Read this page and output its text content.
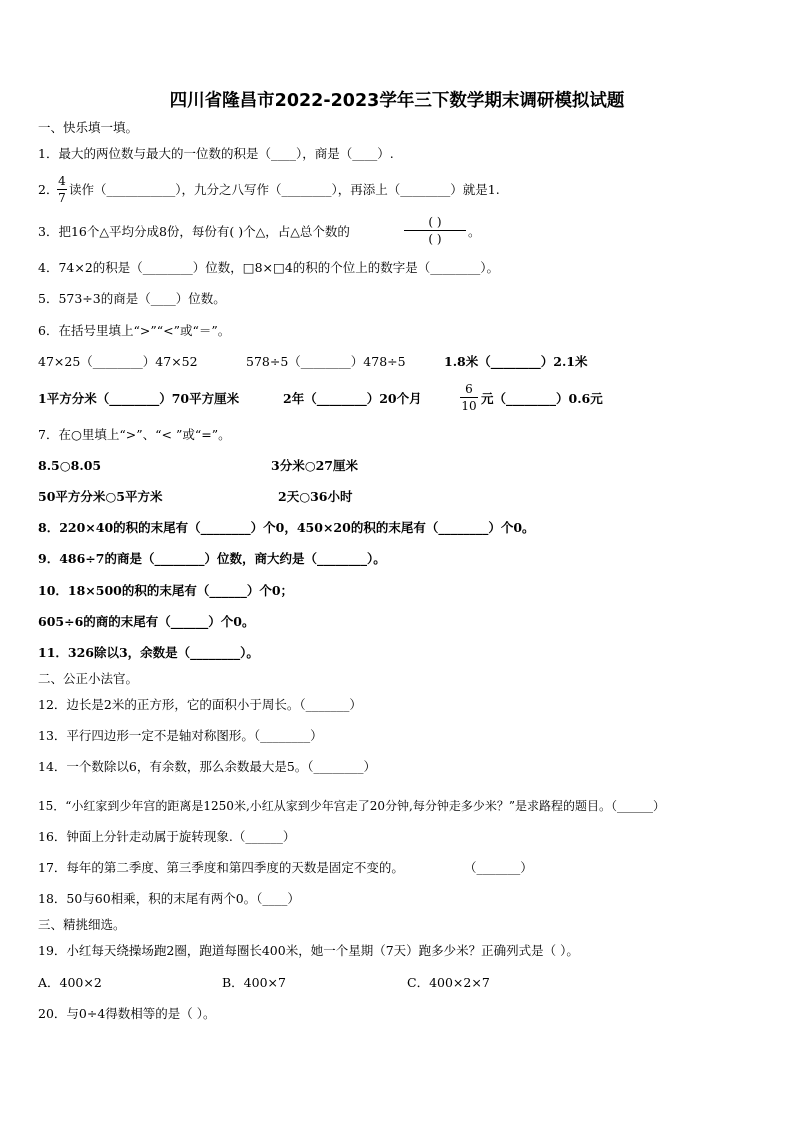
四川省隆昌市2022-2023学年三下数学期末调研模拟试题
一、快乐填一填。
1．最大的两位数与最大的一位数的积是（____），商是（____）.
2．
4
7
读作（___________），九分之八写作（________），再添上（________）就是1.
3．把16个△平均分成8份，每份有( )个△，占△总个数的
( )
( )	。
4．74×2的积是（________）位数，□8×□4的积的个位上的数字是（________）。
5．573÷3的商是（____）位数。
6．在括号里填上“>”“<”或“＝”。
47×25（________）47×52	578÷5（________）478÷5	1.8米（________）2.1米
1平方分米（________）70平方厘米	2年（________）20个月
6
10 元（________）0.6元
7．在○里填上“>”、“< ”或“=”。
8.5○8.05	3分米○27厘米
50平方分米○5平方米	2天○36小时
8．220×40的积的末尾有（________）个0，450×20的积的末尾有（________）个0。
9．486÷7的商是（________）位数，商大约是（________）。
10．18×500的积的末尾有（______）个0；
605÷6的商的末尾有（______）个0。
11．326除以3，余数是（________）。
二、公正小法官。
12．边长是2米的正方形，它的面积小于周长。（_______）
13．平行四边形一定不是轴对称图形。（________）
14．一个数除以6，有余数，那么余数最大是5。（________）
15．“小红家到少年宫的距离是1250米,小红从家到少年宫走了20分钟,每分钟走多少米？”是求路程的题目。（______）
16．钟面上分针走动属于旋转现象.（______）
17．每年的第二季度、第三季度和第四季度的天数是固定不变的。	（_______）
18．50与60相乘，积的末尾有两个0。（____）
三、精挑细选。
19．小红每天绕操场跑2圈，跑道每圈长400米，她一个星期（7天）跑多少米？正确列式是（ ）。
A．400×2	B．400×7	C．400×2×7
20．与0÷4得数相等的是（ ）。
